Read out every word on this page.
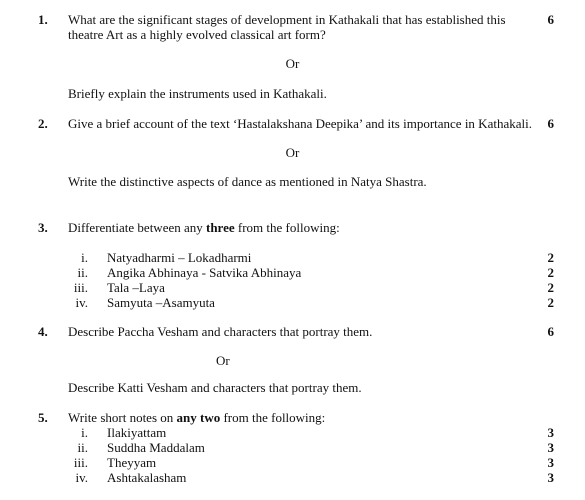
1. What are the significant stages of development in Kathakali that has established this	6
theatre Art as a highly evolved classical art form?
Or
Briefly explain the instruments used in Kathakali.
2. Give a brief account of the text ‘Hastalakshana Deepika’ and its importance in Kathakali.	6
Or
Write the distinctive aspects of dance as mentioned in Natya Shastra.
3. Differentiate between any three from the following:
i. Natyadharmi – Lokadharmi	2
ii. Angika Abhinaya - Satvika Abhinaya	2
iii. Tala –Laya	2
iv. Samyuta –Asamyuta	2
4. Describe Paccha Vesham and characters that portray them.	6
Or
Describe Katti Vesham and characters that portray them.
5. Write short notes on any two from the following:
i. Ilakiyattam	3
ii. Suddha Maddalam	3
iii. Theyyam	3
iv. Ashtakalasham	3
